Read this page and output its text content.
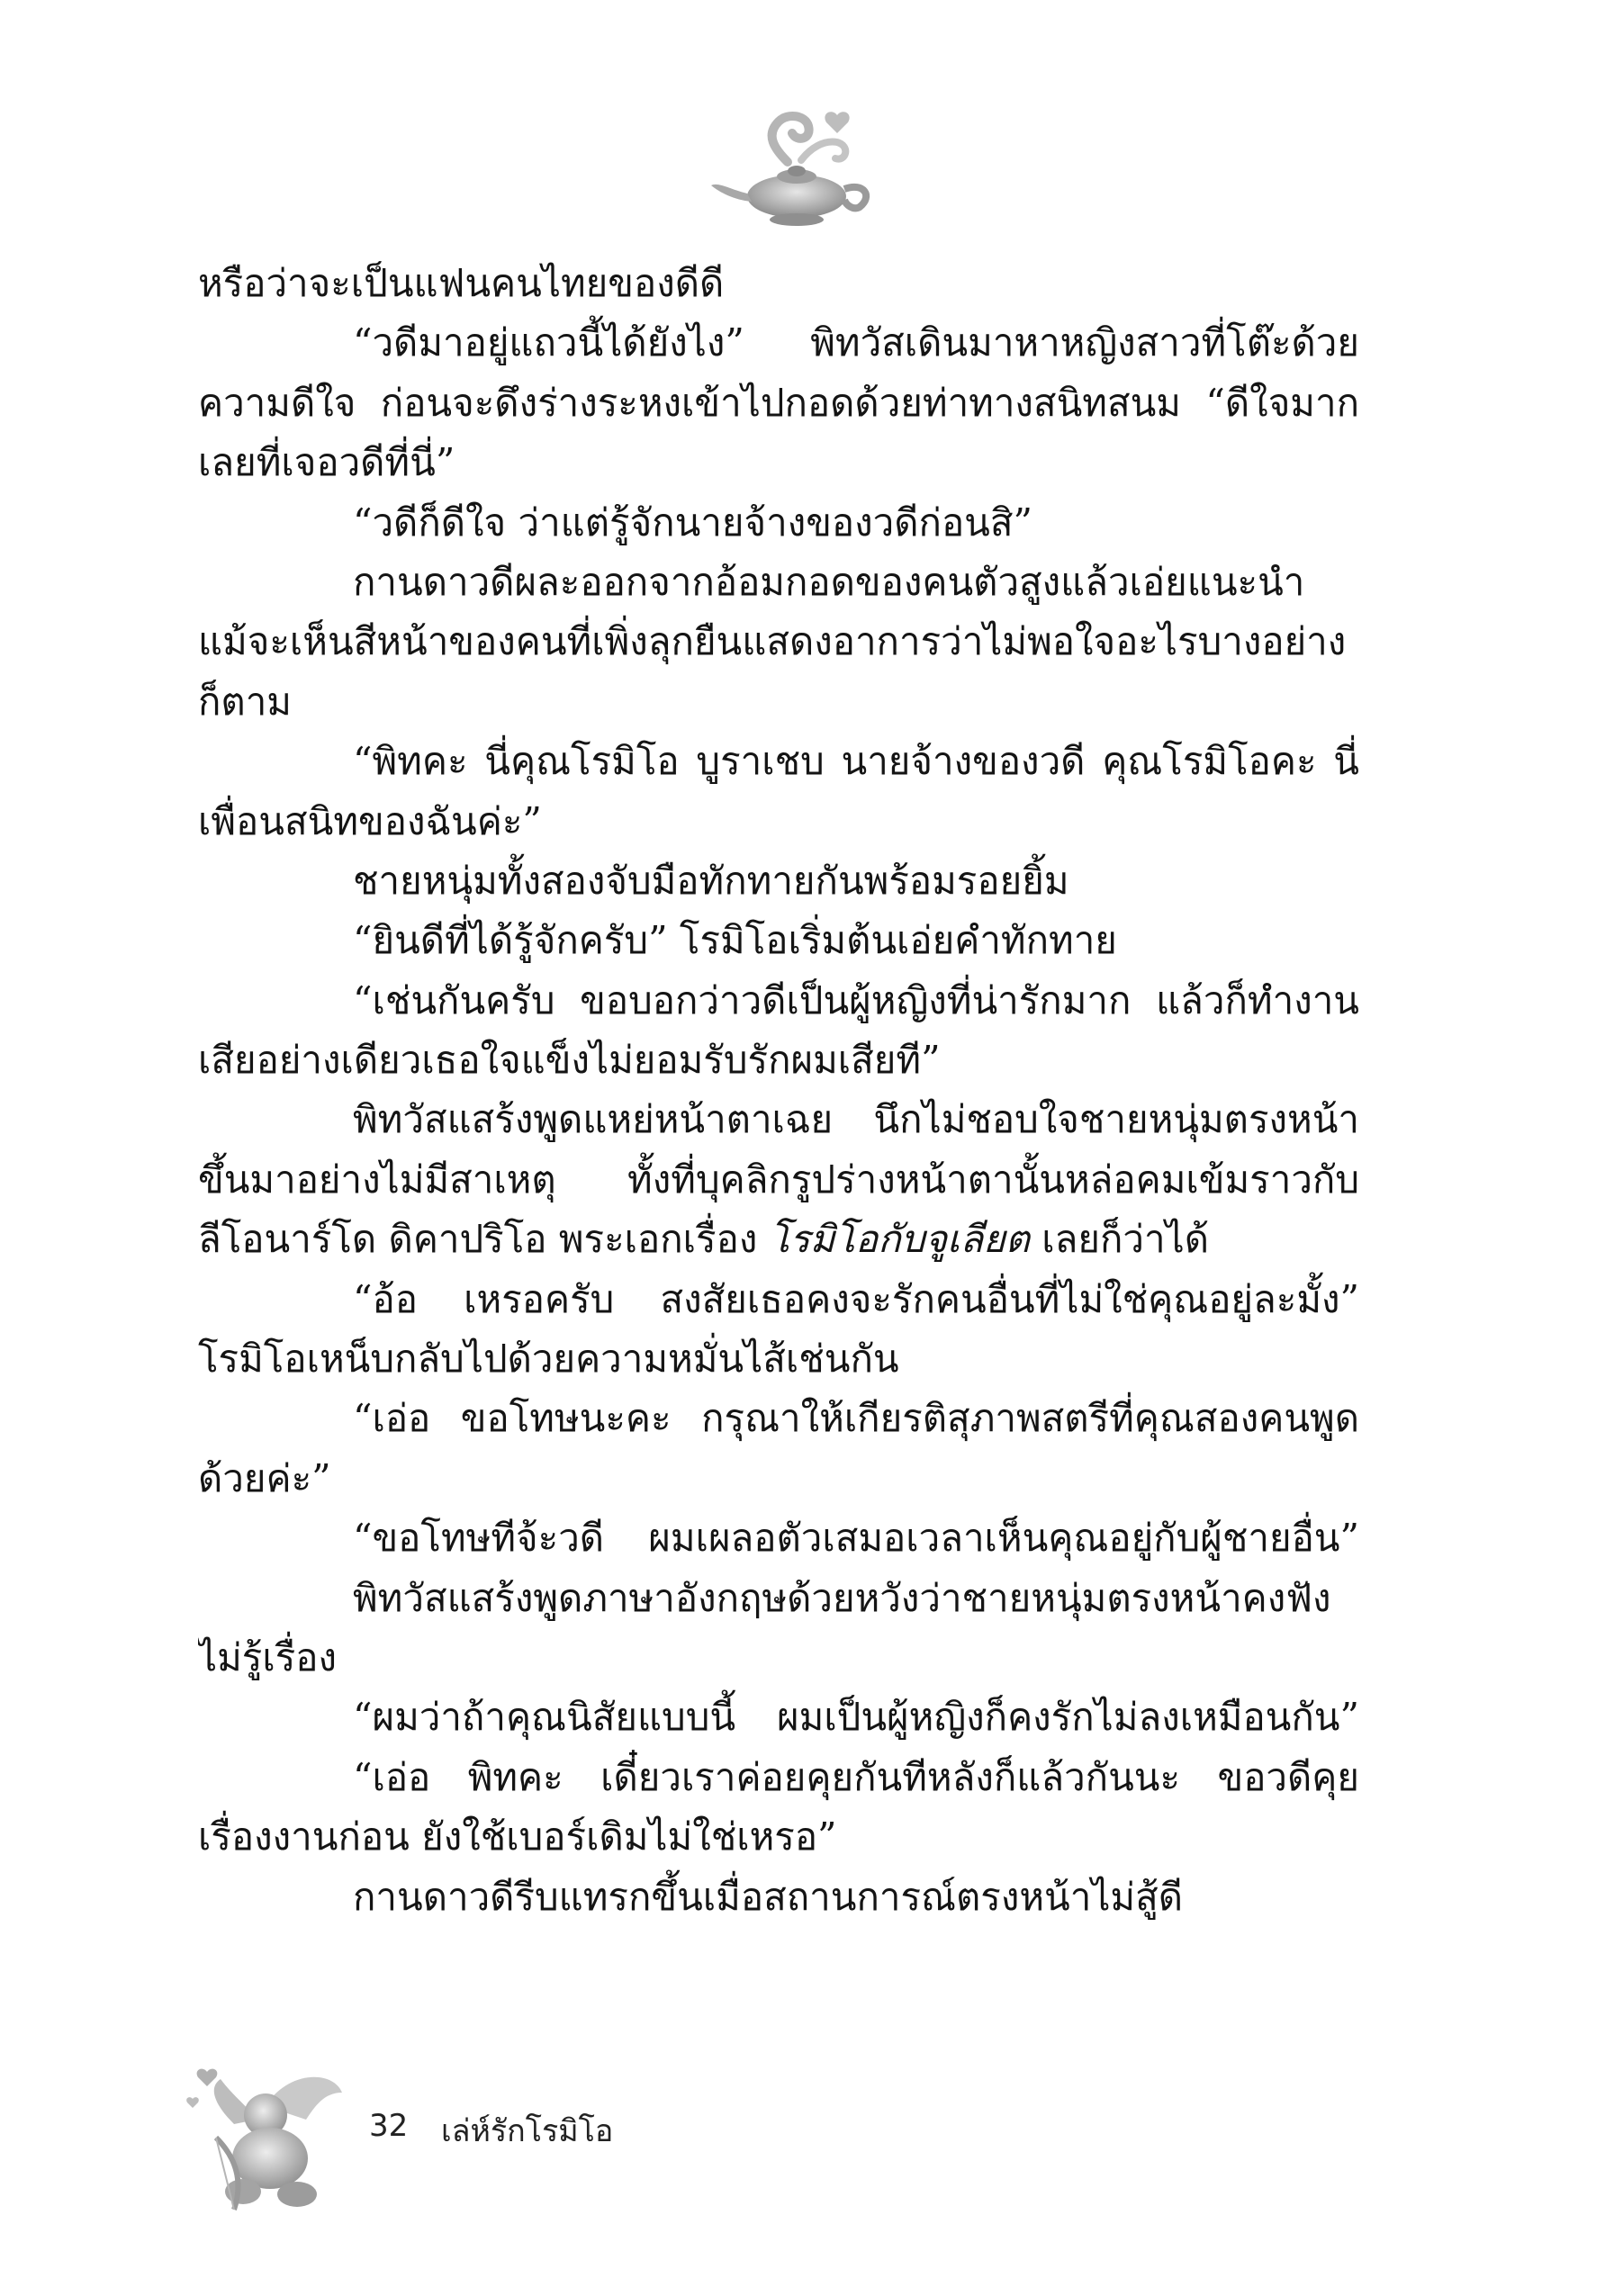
หรือว่าจะเป็นแฟนคนไทยของดีดี
“วดีมาอยู่แถวนี้ได้ยังไง” พิทวัสเดินมาหาหญิงสาวที่โต๊ะด้วย
ความดีใจ ก่อนจะดึงร่างระหงเข้าไปกอดด้วยท่าทางสนิทสนม “ดีใจมาก
เลยที่เจอวดีที่นี่”
“วดีก็ดีใจ ว่าแต่รู้จักนายจ้างของวดีก่อนสิ”
กานดาวดีผละออกจากอ้อมกอดของคนตัวสูงแล้วเอ่ยแนะนำ
แม้จะเห็นสีหน้าของคนที่เพิ่งลุกยืนแสดงอาการว่าไม่พอใจอะไรบางอย่าง
ก็ตาม
“พิทคะ นี่คุณโรมิโอ บูราเชบ นายจ้างของวดี คุณโรมิโอคะ นี่
เพื่อนสนิทของฉันค่ะ”
ชายหนุ่มทั้งสองจับมือทักทายกันพร้อมรอยยิ้ม
“ยินดีที่ได้รู้จักครับ” โรมิโอเริ่มต้นเอ่ยคำทักทาย
“เช่นกันครับ ขอบอกว่าวดีเป็นผู้หญิงที่น่ารักมาก แล้วก็ทำงาน
เสียอย่างเดียวเธอใจแข็งไม่ยอมรับรักผมเสียที”
พิทวัสแสร้งพูดแหย่หน้าตาเฉย นึกไม่ชอบใจชายหนุ่มตรงหน้า
ขึ้นมาอย่างไม่มีสาเหตุ ทั้งที่บุคลิกรูปร่างหน้าตานั้นหล่อคมเข้มราวกับ
ลีโอนาร์โด ดิคาปริโอ พระเอกเรื่อง โรมิโอกับจูเลียต เลยก็ว่าได้
“อ้อ เหรอครับ สงสัยเธอคงจะรักคนอื่นที่ไม่ใช่คุณอยู่ละมั้ง”
โรมิโอเหน็บกลับไปด้วยความหมั่นไส้เช่นกัน
“เอ่อ ขอโทษนะคะ กรุณาให้เกียรติสุภาพสตรีที่คุณสองคนพูด
ด้วยค่ะ”
“ขอโทษทีจ้ะวดี ผมเผลอตัวเสมอเวลาเห็นคุณอยู่กับผู้ชายอื่น”
พิทวัสแสร้งพูดภาษาอังกฤษด้วยหวังว่าชายหนุ่มตรงหน้าคงฟัง
ไม่รู้เรื่อง
“ผมว่าถ้าคุณนิสัยแบบนี้ ผมเป็นผู้หญิงก็คงรักไม่ลงเหมือนกัน”
“เอ่อ พิทคะ เดี๋ยวเราค่อยคุยกันทีหลังก็แล้วกันนะ ขอวดีคุย
เรื่องงานก่อน ยังใช้เบอร์เดิมไม่ใช่เหรอ”
กานดาวดีรีบแทรกขึ้นเมื่อสถานการณ์ตรงหน้าไม่สู้ดี
32 เล่ห์รักโรมิโอ
